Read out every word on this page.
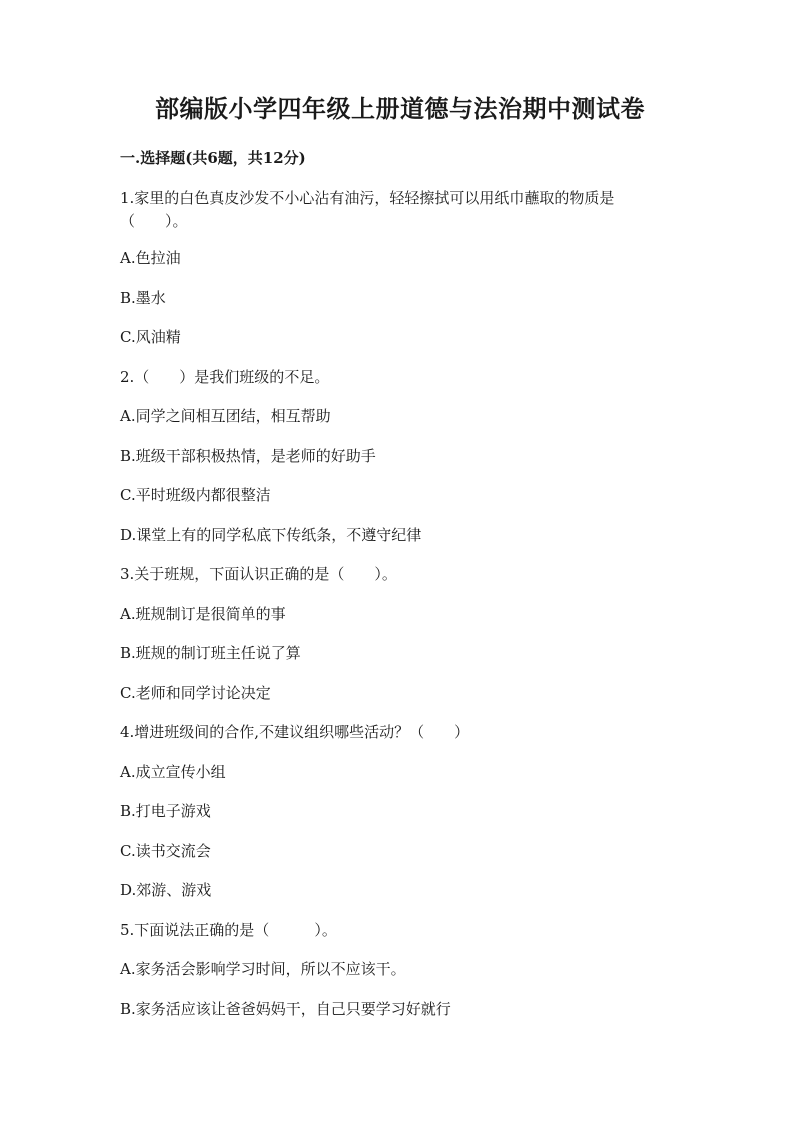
部编版小学四年级上册道德与法治期中测试卷
一.选择题(共6题，共12分)
1.家里的白色真皮沙发不小心沾有油污，轻轻擦拭可以用纸巾蘸取的物质是
（　　）。
A.色拉油
B.墨水
C.风油精
2.（　　）是我们班级的不足。
A.同学之间相互团结，相互帮助
B.班级干部积极热情，是老师的好助手
C.平时班级内都很整洁
D.课堂上有的同学私底下传纸条，不遵守纪律
3.关于班规，下面认识正确的是（　　）。
A.班规制订是很简单的事
B.班规的制订班主任说了算
C.老师和同学讨论决定
4.增进班级间的合作,不建议组织哪些活动？（　　）
A.成立宣传小组
B.打电子游戏
C.读书交流会
D.郊游、游戏
5.下面说法正确的是（　　　）。
A.家务活会影响学习时间，所以不应该干。
B.家务活应该让爸爸妈妈干，自己只要学习好就行
